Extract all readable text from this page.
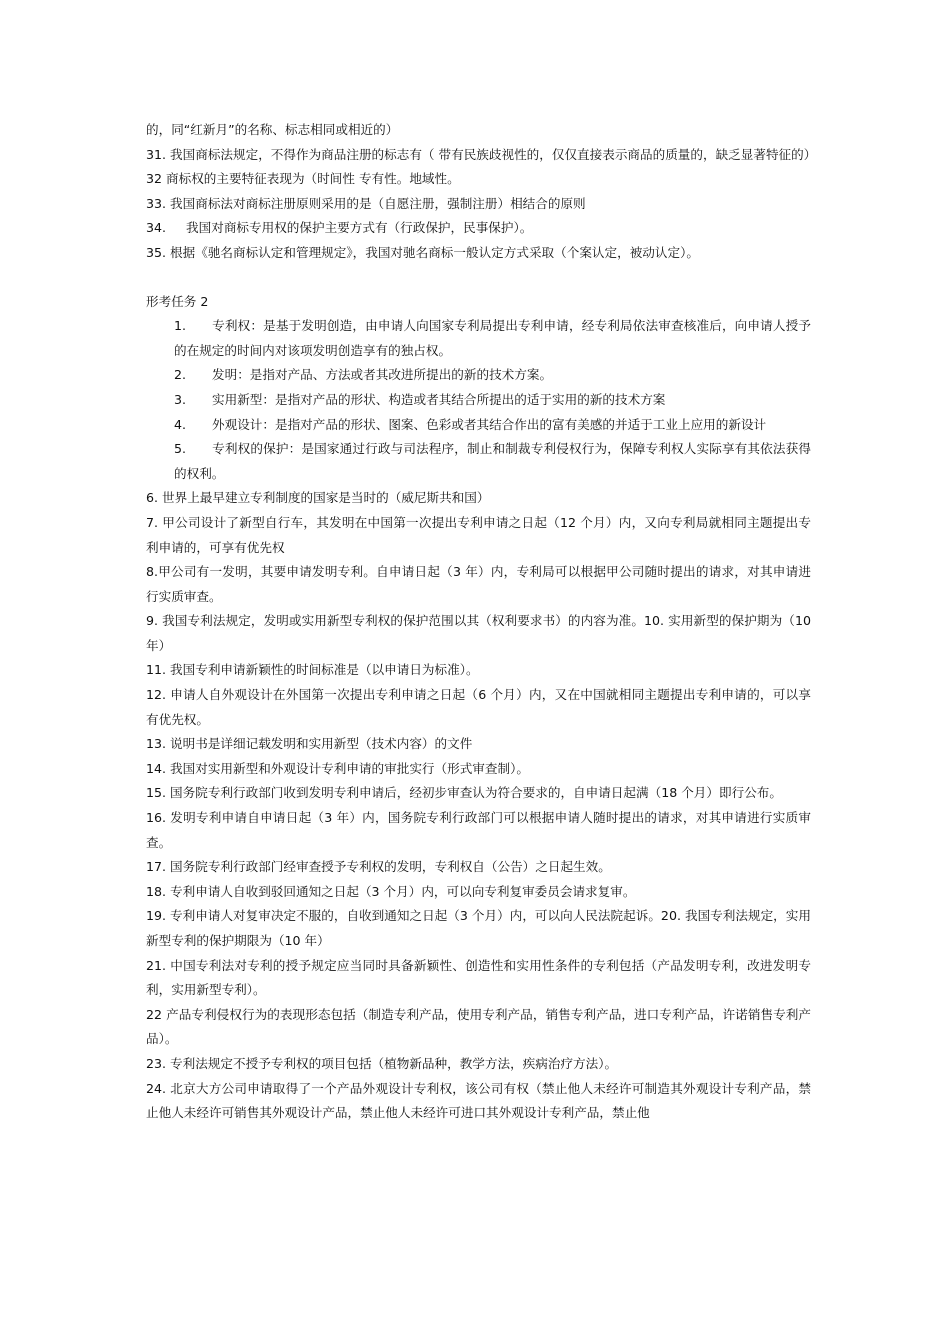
的，同“红新月”的名称、标志相同或相近的）

31. 我国商标法规定，不得作为商品注册的标志有（ 带有民族歧视性的，仅仅直接表示商品的质量的，缺乏显著特征的）

32 商标权的主要特征表现为（时间性 专有性。地域性。

33. 我国商标法对商标注册原则采用的是（自愿注册，强制注册）相结合的原则

34.     我国对商标专用权的保护主要方式有（行政保护，民事保护）。

35. 根据《驰名商标认定和管理规定》，我国对驰名商标一般认定方式采取（个案认定，被动认定）。

形考任务 2

1. 专利权：是基于发明创造，由申请人向国家专利局提出专利申请，经专利局依法审查核准后，向申请人授予的在规定的时间内对该项发明创造享有的独占权。

2. 发明：是指对产品、方法或者其改进所提出的新的技术方案。

3. 实用新型：是指对产品的形状、构造或者其结合所提出的适于实用的新的技术方案

4. 外观设计：是指对产品的形状、图案、色彩或者其结合作出的富有美感的并适于工业上应用的新设计

5. 专利权的保护：是国家通过行政与司法程序，制止和制裁专利侵权行为，保障专利权人实际享有其依法获得的权利。

6. 世界上最早建立专利制度的国家是当时的（威尼斯共和国）

7. 甲公司设计了新型自行车，其发明在中国第一次提出专利申请之日起（12 个月）内，又向专利局就相同主题提出专利申请的，可享有优先权

8.甲公司有一发明，其要申请发明专利。自申请日起（3 年）内，专利局可以根据甲公司随时提出的请求，对其申请进行实质审查。

9. 我国专利法规定，发明或实用新型专利权的保护范围以其（权利要求书）的内容为准。10. 实用新型的保护期为（10 年）

11. 我国专利申请新颖性的时间标准是（以申请日为标准）。

12. 申请人自外观设计在外国第一次提出专利申请之日起（6 个月）内，又在中国就相同主题提出专利申请的，可以享有优先权。

13. 说明书是详细记载发明和实用新型（技术内容）的文件

14. 我国对实用新型和外观设计专利申请的审批实行（形式审查制）。

15. 国务院专利行政部门收到发明专利申请后，经初步审查认为符合要求的，自申请日起满（18 个月）即行公布。

16. 发明专利申请自申请日起（3 年）内，国务院专利行政部门可以根据申请人随时提出的请求，对其申请进行实质审查。

17. 国务院专利行政部门经审查授予专利权的发明，专利权自（公告）之日起生效。

18. 专利申请人自收到驳回通知之日起（3 个月）内，可以向专利复审委员会请求复审。

19. 专利申请人对复审决定不服的，自收到通知之日起（3 个月）内，可以向人民法院起诉。20. 我国专利法规定，实用新型专利的保护期限为（10 年）

21. 中国专利法对专利的授予规定应当同时具备新颖性、创造性和实用性条件的专利包括（产品发明专利，改进发明专利，实用新型专利）。

22 产品专利侵权行为的表现形态包括（制造专利产品，使用专利产品，销售专利产品，进口专利产品，许诺销售专利产品）。

23. 专利法规定不授予专利权的项目包括（植物新品种，教学方法，疾病治疗方法）。

24. 北京大方公司申请取得了一个产品外观设计专利权，该公司有权（禁止他人未经许可制造其外观设计专利产品，禁止他人未经许可销售其外观设计产品，禁止他人未经许可进口其外观设计专利产品，禁止他
